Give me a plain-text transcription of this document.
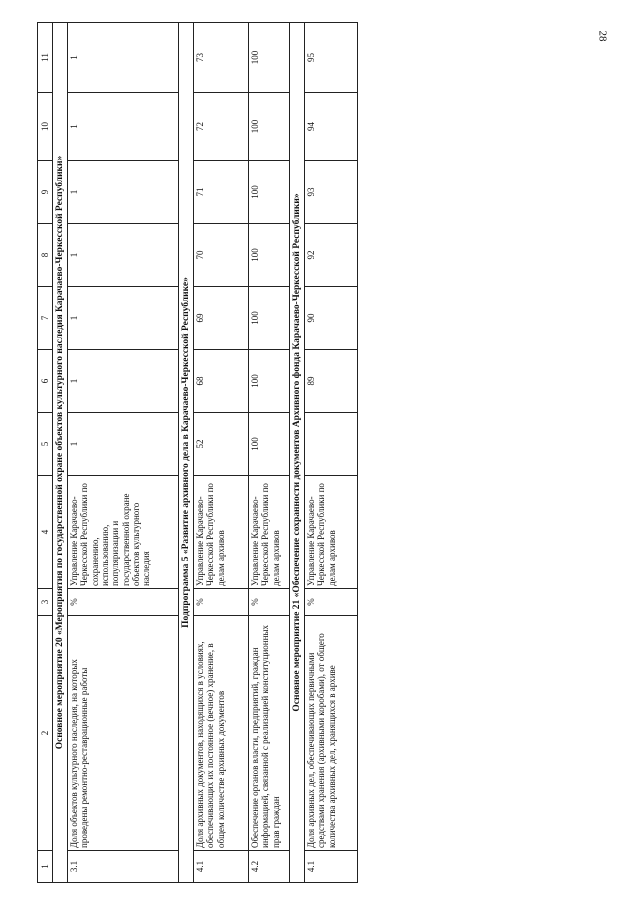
28
1	2	3	4	5	6	7	8	9	10	11
Основное мероприятие 20 «Мероприятия по государственной охране объектов культурного наследия Карачаево-Черкесской Республики»										
3.1	Доля объектов культурного наследия, на которых проведены ремонтно-реставрационные работы	%	Управление Карачаево-Черкесской Республики по сохранению, использованию, популяризации и государственной охране объектов культурного наследия	1	1	1	1	1	1	1
Подпрограмма 5 «Развитие архивного дела в Карачаево-Черкесской Республике»										
4.1	Доля архивных документов, находящихся в условиях, обеспечивающих их постоянное (вечное) хранение, в общем количестве архивных документов	%	Управление Карачаево-Черкесской Республики по делам архивов	52	68	69	70	71	72	73
4.2	Обеспечение органов власти, предприятий, граждан информацией, связанной с реализацией конституционных прав граждан	%	Управление Карачаево-Черкесской Республики по делам архивов	100	100	100	100	100	100	100
Основное мероприятие 21 «Обеспечение сохранности документов Архивного фонда Карачаево-Черкесской Республики»										
4.1	Доля архивных дел, обеспечивающих первичными средствами хранения (архивными коробами), от общего количества архивных дел, хранящихся в архиве	%	Управление Карачаево-Черкесской Республики по делам архивов		89	90	92	93	94	95
